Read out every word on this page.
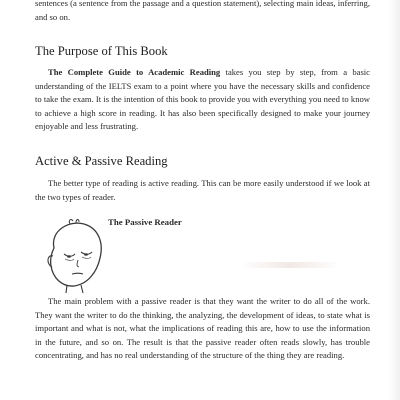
sentences (a sentence from the passage and a question statement), selecting main ideas, inferring, and so on.

The Purpose of This Book

The Complete Guide to Academic Reading takes you step by step, from a basic understanding of the IELTS exam to a point where you have the necessary skills and confidence to take the exam. It is the intention of this book to provide you with everything you need to know to achieve a high score in reading. It has also been specifically designed to make your journey enjoyable and less frustrating.

Active & Passive Reading

The better type of reading is active reading. This can be more easily understood if we look at the two types of reader.

The Passive Reader

The main problem with a passive reader is that they want the writer to do all of the work. They want the writer to do the thinking, the analyzing, the development of ideas, to state what is important and what is not, what the implications of reading this are, how to use the information in the future, and so on. The result is that the passive reader often reads slowly, has trouble concentrating, and has no real understanding of the structure of the thing they are reading.
